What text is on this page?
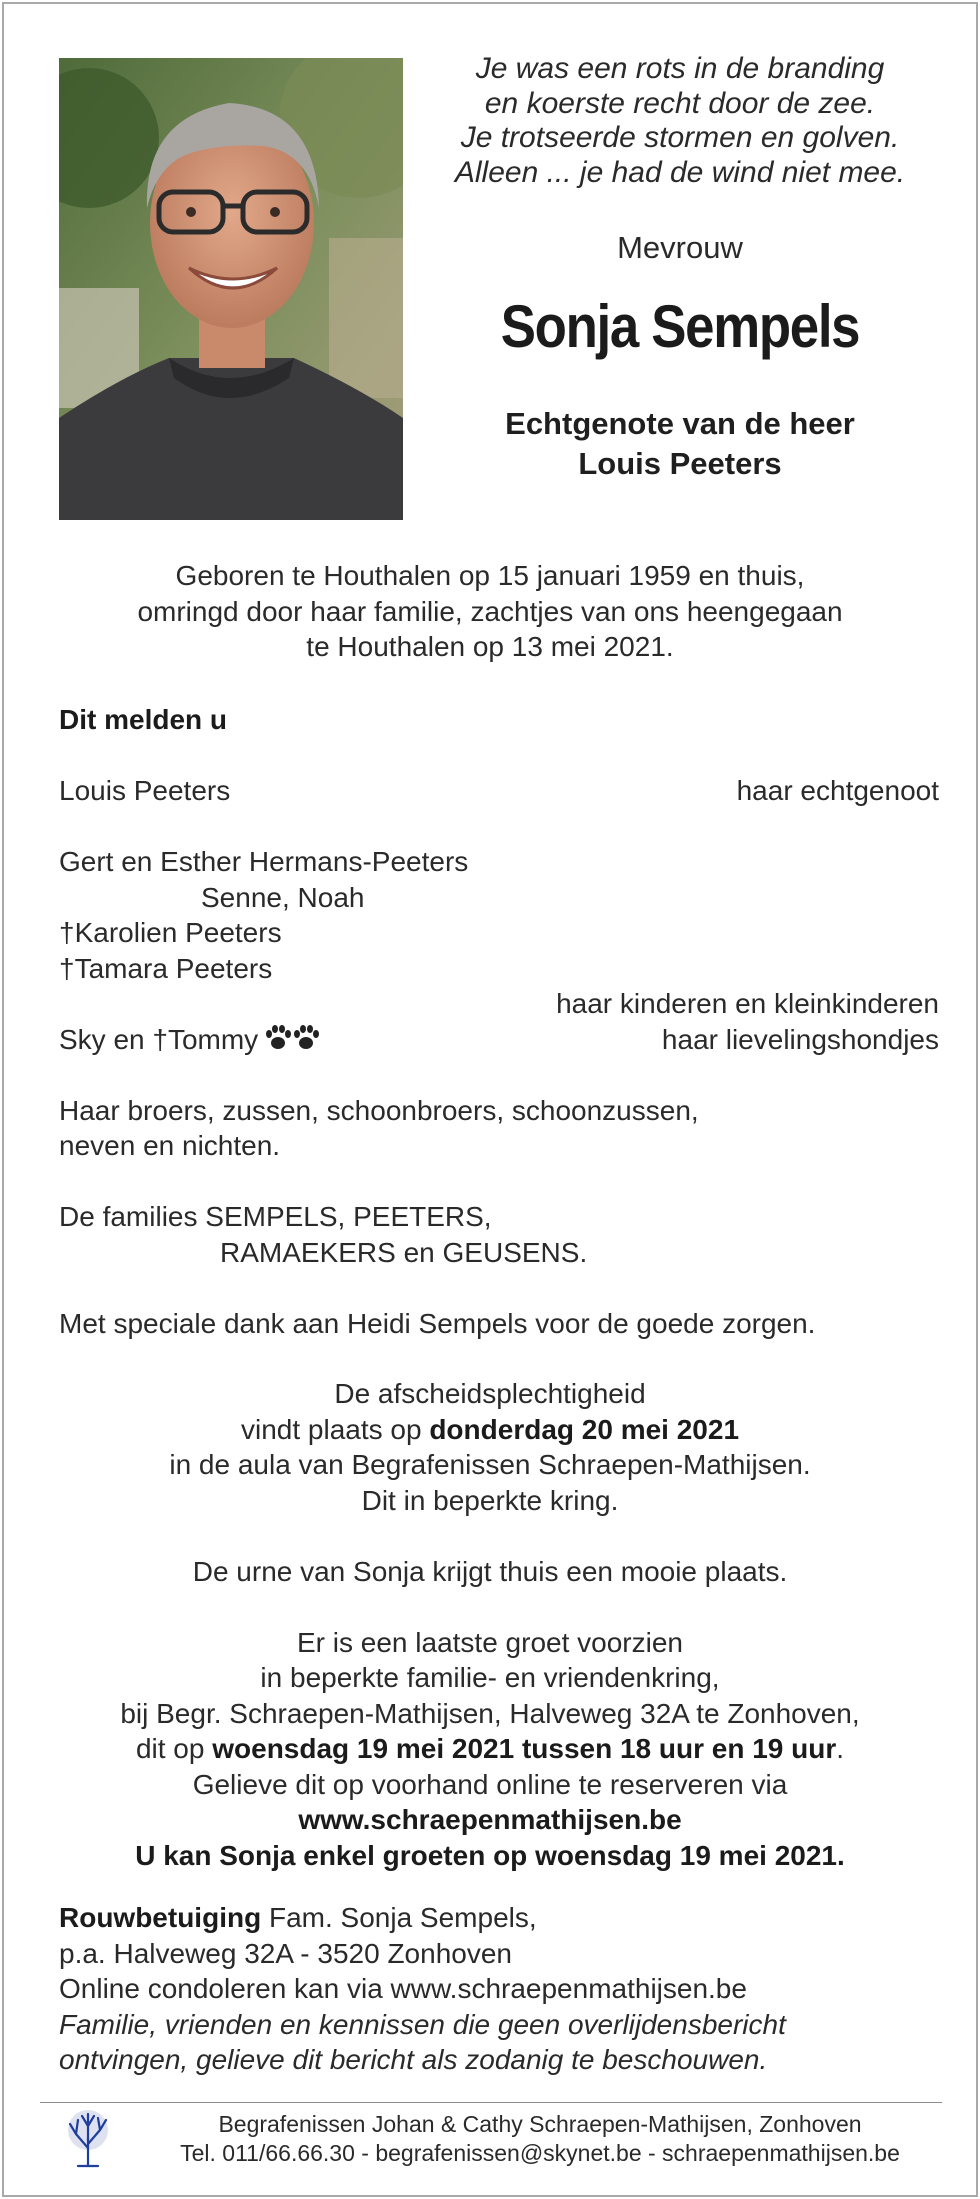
Je was een rots in de branding
en koerste recht door de zee.
Je trotseerde stormen en golven.
Alleen ... je had de wind niet mee.
Mevrouw
Sonja Sempels
Echtgenote van de heer
Louis Peeters
Geboren te Houthalen op 15 januari 1959 en thuis,
omringd door haar familie, zachtjes van ons heengegaan
te Houthalen op 13 mei 2021.
Dit melden u
Louis Peeters	haar echtgenoot
Gert en Esther Hermans-Peeters
Senne, Noah
†Karolien Peeters
†Tamara Peeters
haar kinderen en kleinkinderen
Sky en †Tommy	haar lievelingshondjes
Haar broers, zussen, schoonbroers, schoonzussen,
neven en nichten.
De families SEMPELS, PEETERS,
RAMAEKERS en GEUSENS.
Met speciale dank aan Heidi Sempels voor de goede zorgen.
De afscheidsplechtigheid
vindt plaats op donderdag 20 mei 2021
in de aula van Begrafenissen Schraepen-Mathijsen.
Dit in beperkte kring.
De urne van Sonja krijgt thuis een mooie plaats.
Er is een laatste groet voorzien
in beperkte familie- en vriendenkring,
bij Begr. Schraepen-Mathijsen, Halveweg 32A te Zonhoven,
dit op woensdag 19 mei 2021 tussen 18 uur en 19 uur.
Gelieve dit op voorhand online te reserveren via
www.schraepenmathijsen.be
U kan Sonja enkel groeten op woensdag 19 mei 2021.
Rouwbetuiging Fam. Sonja Sempels,
p.a. Halveweg 32A - 3520 Zonhoven
Online condoleren kan via www.schraepenmathijsen.be
Familie, vrienden en kennissen die geen overlijdensbericht
ontvingen, gelieve dit bericht als zodanig te beschouwen.
Begrafenissen Johan & Cathy Schraepen-Mathijsen, Zonhoven
Tel. 011/66.66.30 - begrafenissen@skynet.be - schraepenmathijsen.be
